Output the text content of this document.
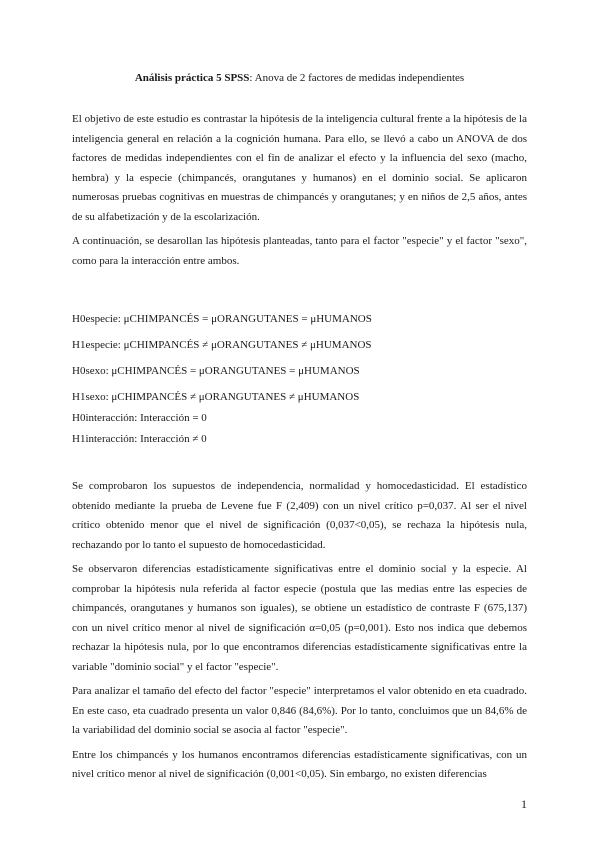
Análisis práctica 5 SPSS: Anova de 2 factores de medidas independientes

El objetivo de este estudio es contrastar la hipótesis de la inteligencia cultural frente a la hipótesis de la inteligencia general en relación a la cognición humana. Para ello, se llevó a cabo un ANOVA de dos factores de medidas independientes con el fin de analizar el efecto y la influencia del sexo (macho, hembra) y la especie (chimpancés, orangutanes y humanos) en el dominio social. Se aplicaron numerosas pruebas cognitivas en muestras de chimpancés y orangutanes; y en niños de 2,5 años, antes de su alfabetización y de la escolarización.

A continuación, se desarollan las hipótesis planteadas, tanto para el factor "especie" y el factor "sexo", como para la interacción entre ambos.

H0especie: μCHIMPANCÉS = μORANGUTANES = μHUMANOS

H1especie: μCHIMPANCÉS ≠ μORANGUTANES ≠ μHUMANOS

H0sexo: μCHIMPANCÉS = μORANGUTANES = μHUMANOS

H1sexo: μCHIMPANCÉS ≠ μORANGUTANES ≠ μHUMANOS

H0interacción: Interacción = 0

H1interacción: Interacción ≠ 0

Se comprobaron los supuestos de independencia, normalidad y homocedasticidad. El estadístico obtenido mediante la prueba de Levene fue F (2,409) con un nivel crítico p=0,037. Al ser el nivel crítico obtenido menor que el nivel de significación (0,037<0,05), se rechaza la hipótesis nula, rechazando por lo tanto el supuesto de homocedasticidad.

Se observaron diferencias estadísticamente significativas entre el dominio social y la especie. Al comprobar la hipótesis nula referida al factor especie (postula que las medias entre las especies de chimpancés, orangutanes y humanos son iguales), se obtiene un estadístico de contraste F (675,137) con un nivel crítico menor al nivel de significación α=0,05 (p=0,001). Esto nos indica que debemos rechazar la hipótesis nula, por lo que encontramos diferencias estadísticamente significativas entre la variable "dominio social" y el factor "especie".

Para analizar el tamaño del efecto del factor "especie" interpretamos el valor obtenido en eta cuadrado. En este caso, eta cuadrado presenta un valor 0,846 (84,6%). Por lo tanto, concluimos que un 84,6% de la variabilidad del dominio social se asocia al factor "especie".

Entre los chimpancés y los humanos encontramos diferencias estadísticamente significativas, con un nivel crítico menor al nivel de significación (0,001<0,05). Sin embargo, no existen diferencias

1
